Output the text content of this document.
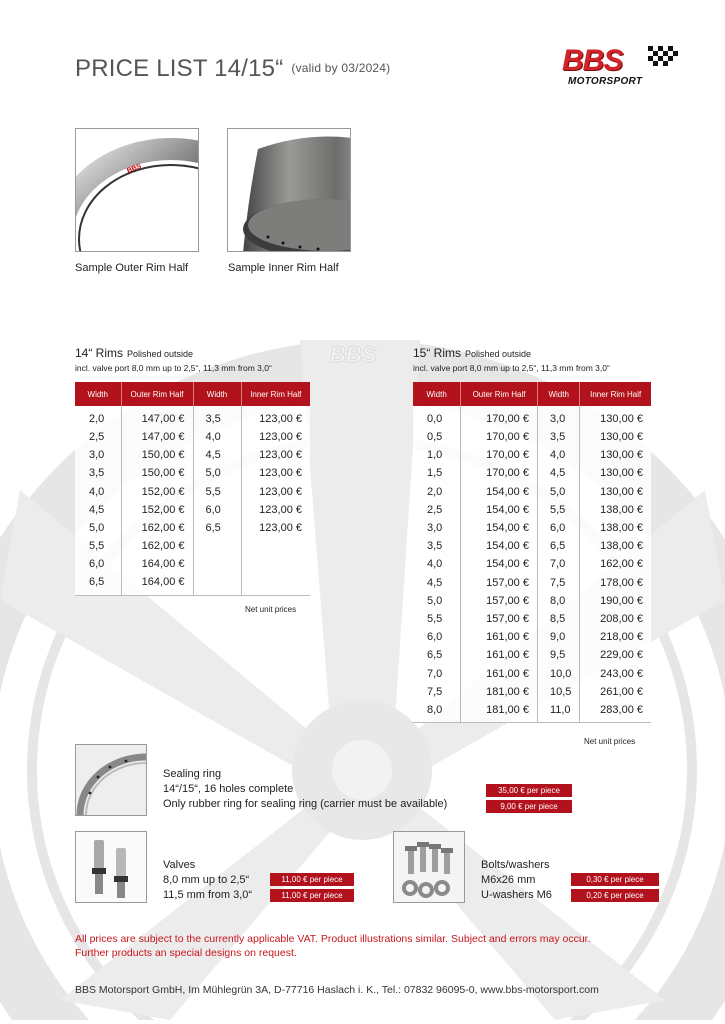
BBS
PRICE LIST 14/15“ (valid by 03/2024)	BBS
MOTORSPORT
BBS
Sample Outer Rim Half	Sample Inner Rim Half
14“ Rims Polished outside
incl. valve port 8,0 mm up to 2,5“, 11,3 mm from 3,0“
Width	Outer Rim Half	Width	Inner Rim Half
2,0	147,00 €	3,5	123,00 €
2,5	147,00 €	4,0	123,00 €
3,0	150,00 €	4,5	123,00 €
3,5	150,00 €	5,0	123,00 €
4,0	152,00 €	5,5	123,00 €
4,5	152,00 €	6,0	123,00 €
5,0	162,00 €	6,5	123,00 €
5,5	162,00 €		
6,0	164,00 €		
6,5	164,00 €		
Net unit prices
15“ Rims Polished outside
incl. valve port 8,0 mm up to 2,5“, 11,3 mm from 3,0“
Width	Outer Rim Half	Width	Inner Rim Half
0,0	170,00 €	3,0	130,00 €
0,5	170,00 €	3,5	130,00 €
1,0	170,00 €	4,0	130,00 €
1,5	170,00 €	4,5	130,00 €
2,0	154,00 €	5,0	130,00 €
2,5	154,00 €	5,5	138,00 €
3,0	154,00 €	6,0	138,00 €
3,5	154,00 €	6,5	138,00 €
4,0	154,00 €	7,0	162,00 €
4,5	157,00 €	7,5	178,00 €
5,0	157,00 €	8,0	190,00 €
5,5	157,00 €	8,5	208,00 €
6,0	161,00 €	9,0	218,00 €
6,5	161,00 €	9,5	229,00 €
7,0	161,00 €	10,0	243,00 €
7,5	181,00 €	10,5	261,00 €
8,0	181,00 €	11,0	283,00 €
Net unit prices
Sealing ring
14“/15“, 16 holes complete
Only rubber ring for sealing ring (carrier must be available)
35,00 € per piece
9,00 € per piece
Valves
8,0 mm up to 2,5“
11,5 mm from 3,0“
11,00 € per piece
11,00 € per piece
Bolts/washers
M6x26 mm
U-washers M6
0,30 € per piece
0,20 € per piece
All prices are subject to the currently applicable VAT. Product illustrations similar. Subject and errors may occur.
Further products an special designs on request.
BBS Motorsport GmbH, Im Mühlegrün 3A, D-77716 Haslach i. K., Tel.: 07832 96095-0, www.bbs-motorsport.com
